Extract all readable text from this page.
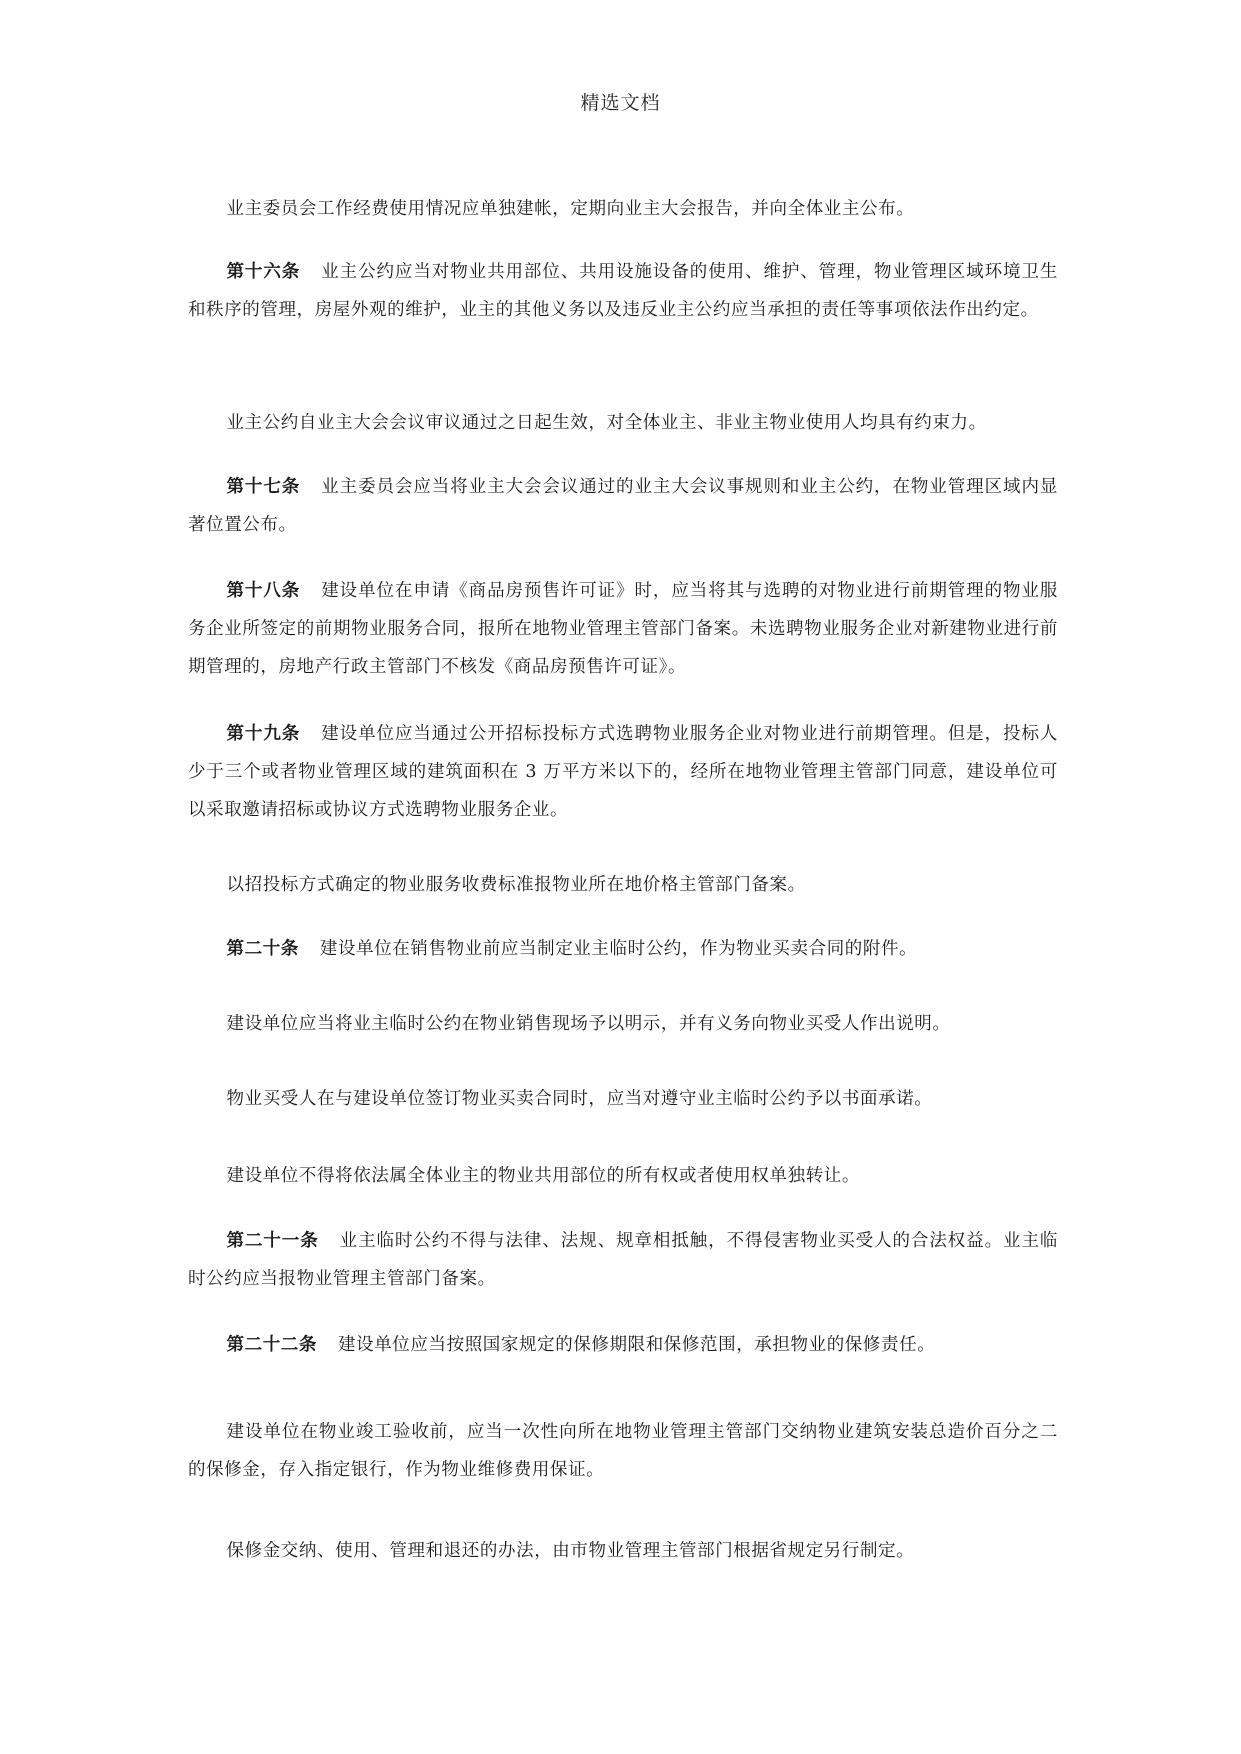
精选文档

业主委员会工作经费使用情况应单独建帐，定期向业主大会报告，并向全体业主公布。

第十六条 业主公约应当对物业共用部位、共用设施设备的使用、维护、管理，物业管理区域环境卫生和秩序的管理，房屋外观的维护，业主的其他义务以及违反业主公约应当承担的责任等事项依法作出约定。

业主公约自业主大会会议审议通过之日起生效，对全体业主、非业主物业使用人均具有约束力。

第十七条 业主委员会应当将业主大会会议通过的业主大会议事规则和业主公约，在物业管理区域内显著位置公布。

第十八条 建设单位在申请《商品房预售许可证》时，应当将其与选聘的对物业进行前期管理的物业服务企业所签定的前期物业服务合同，报所在地物业管理主管部门备案。未选聘物业服务企业对新建物业进行前期管理的，房地产行政主管部门不核发《商品房预售许可证》。

第十九条 建设单位应当通过公开招标投标方式选聘物业服务企业对物业进行前期管理。但是，投标人少于三个或者物业管理区域的建筑面积在 3 万平方米以下的，经所在地物业管理主管部门同意，建设单位可以采取邀请招标或协议方式选聘物业服务企业。

以招投标方式确定的物业服务收费标准报物业所在地价格主管部门备案。

第二十条 建设单位在销售物业前应当制定业主临时公约，作为物业买卖合同的附件。

建设单位应当将业主临时公约在物业销售现场予以明示，并有义务向物业买受人作出说明。

物业买受人在与建设单位签订物业买卖合同时，应当对遵守业主临时公约予以书面承诺。

建设单位不得将依法属全体业主的物业共用部位的所有权或者使用权单独转让。

第二十一条 业主临时公约不得与法律、法规、规章相抵触，不得侵害物业买受人的合法权益。业主临时公约应当报物业管理主管部门备案。

第二十二条 建设单位应当按照国家规定的保修期限和保修范围，承担物业的保修责任。

建设单位在物业竣工验收前，应当一次性向所在地物业管理主管部门交纳物业建筑安装总造价百分之二的保修金，存入指定银行，作为物业维修费用保证。

保修金交纳、使用、管理和退还的办法，由市物业管理主管部门根据省规定另行制定。
